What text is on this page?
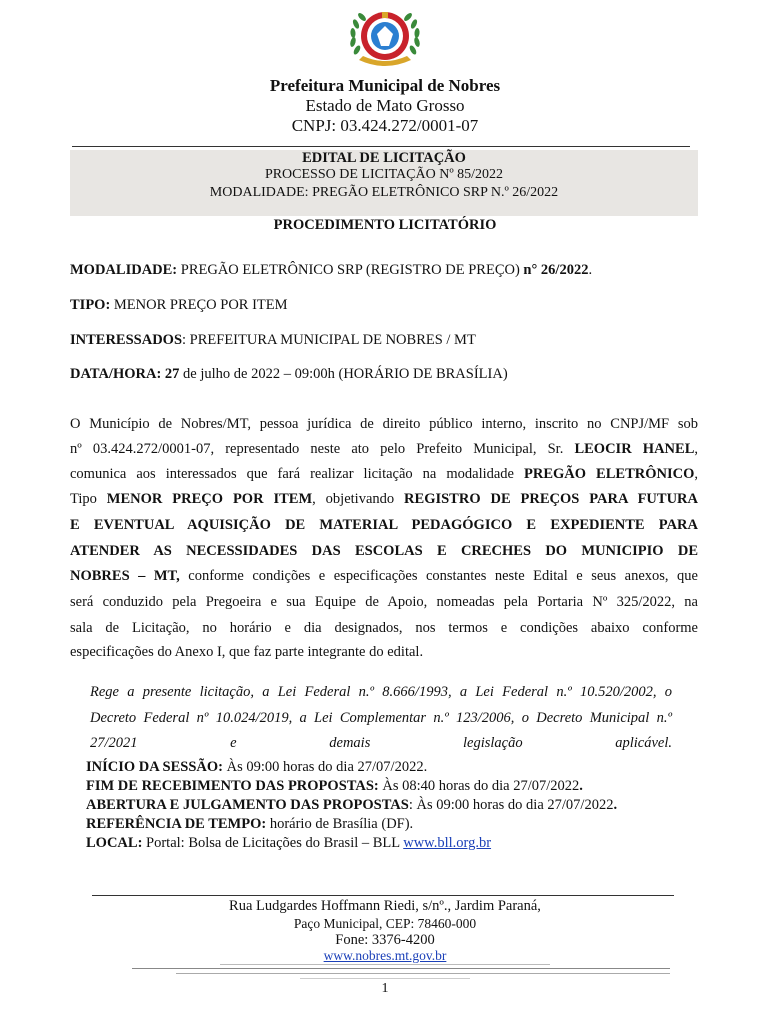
Prefeitura Municipal de Nobres
Estado de Mato Grosso
CNPJ: 03.424.272/0001-07
EDITAL DE LICITAÇÃO
PROCESSO DE LICITAÇÃO Nº 85/2022
MODALIDADE: PREGÃO ELETRÔNICO SRP N.º 26/2022
PROCEDIMENTO LICITATÓRIO
MODALIDADE: PREGÃO ELETRÔNICO SRP (REGISTRO DE PREÇO) n° 26/2022.
TIPO: MENOR PREÇO POR ITEM
INTERESSADOS: PREFEITURA MUNICIPAL DE NOBRES / MT
DATA/HORA: 27 de julho de 2022 – 09:00h (HORÁRIO DE BRASÍLIA)
O Município de Nobres/MT, pessoa jurídica de direito público interno, inscrito no CNPJ/MF sob
nº 03.424.272/0001-07, representado neste ato pelo Prefeito Municipal, Sr. LEOCIR HANEL,
comunica aos interessados que fará realizar licitação na modalidade PREGÃO ELETRÔNICO,
Tipo MENOR PREÇO POR ITEM, objetivando REGISTRO DE PREÇOS PARA FUTURA
E EVENTUAL AQUISIÇÃO DE MATERIAL PEDAGÓGICO E EXPEDIENTE PARA
ATENDER AS NECESSIDADES DAS ESCOLAS E CRECHES DO MUNICIPIO DE
NOBRES – MT, conforme condições e especificações constantes neste Edital e seus anexos, que
será conduzido pela Pregoeira e sua Equipe de Apoio, nomeadas pela Portaria Nº 325/2022, na
sala de Licitação, no horário e dia designados, nos termos e condições abaixo conforme
especificações do Anexo I, que faz parte integrante do edital.
Rege a presente licitação, a Lei Federal n.º 8.666/1993, a Lei Federal n.º 10.520/2002, o
Decreto Federal nº 10.024/2019, a Lei Complementar n.º 123/2006, o Decreto Municipal n.º
27/2021 e demais legislação aplicável.
INÍCIO DA SESSÃO: Às 09:00 horas do dia 27/07/2022.
FIM DE RECEBIMENTO DAS PROPOSTAS: Às 08:40 horas do dia 27/07/2022.
ABERTURA E JULGAMENTO DAS PROPOSTAS: Às 09:00 horas do dia 27/07/2022.
REFERÊNCIA DE TEMPO: horário de Brasília (DF).
LOCAL: Portal: Bolsa de Licitações do Brasil – BLL www.bll.org.br
Rua Ludgardes Hoffmann Riedi, s/nº., Jardim Paraná,
Paço Municipal, CEP: 78460-000
Fone: 3376-4200
www.nobres.mt.gov.br
1
